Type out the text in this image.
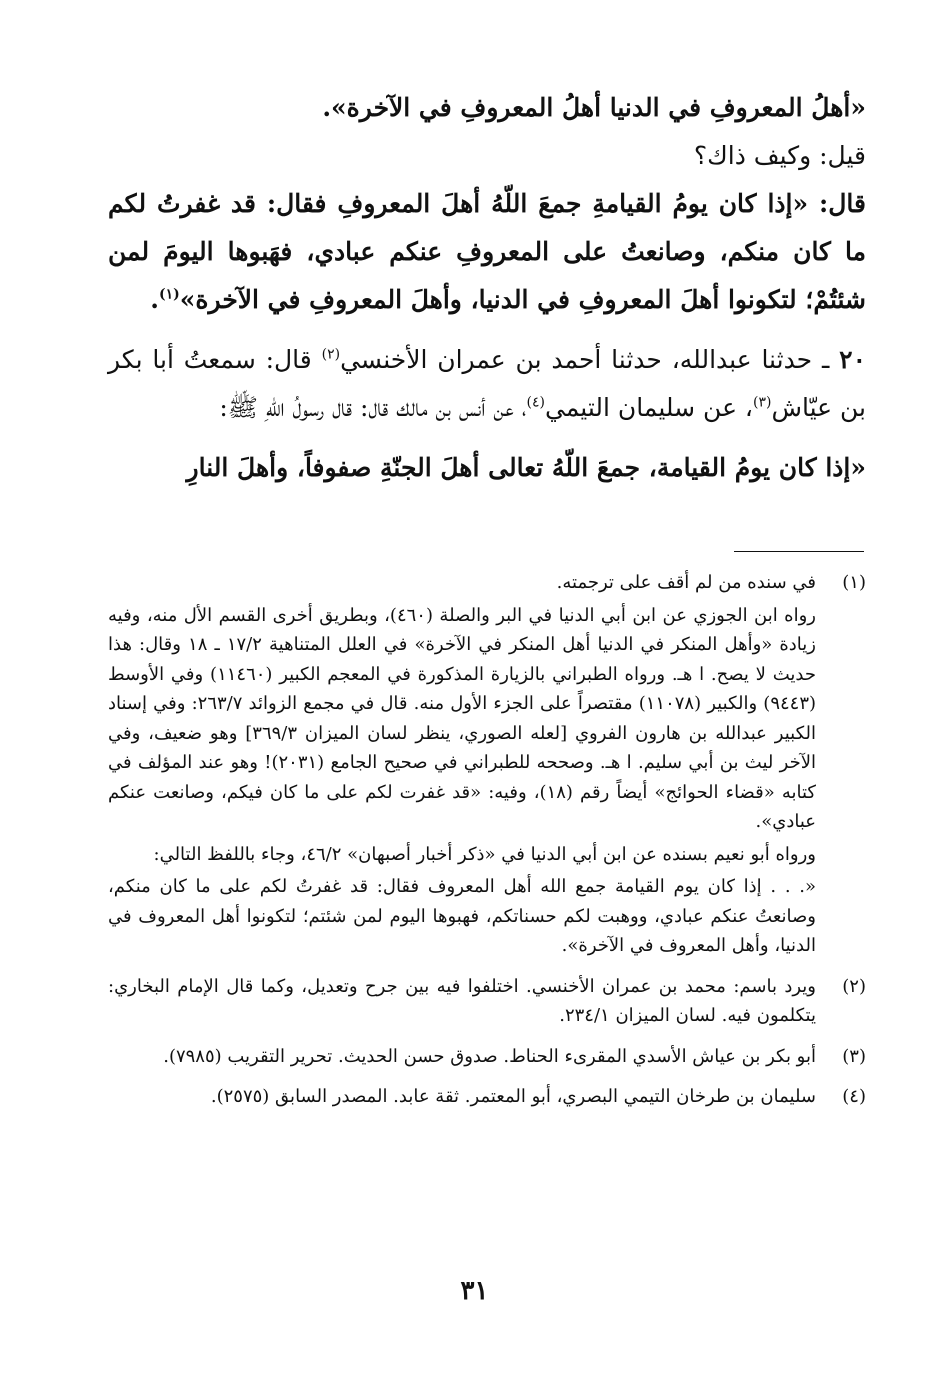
«أهلُ المعروفِ في الدنيا أهلُ المعروفِ في الآخرة».

قيل: وكيف ذاك؟

قال: «إذا كان يومُ القيامةِ جمعَ اللّهُ أهلَ المعروفِ فقال: قد غفرتُ لكم ما كان منكم، وصانعتُ على المعروفِ عنكم عبادي، فهَبوها اليومَ لمن شئتُمْ؛ لتكونوا أهلَ المعروفِ في الدنيا، وأهلَ المعروفِ في الآخرة»$^{(١)}$.

٢٠ ـ حدثنا عبدالله، حدثنا أحمد بن عمران الأخنسي$^{(٢)}$ قال: سمعتُ أبا بكر بن عيّاش$^{(٣)}$، عن سليمان التيمي$^{(٤)}$، عن أنس بن مالك قال: قال رسولُ اللّهِ ﷺ:

«إذا كان يومُ القيامة، جمعَ اللّهُ تعالى أهلَ الجنّةِ صفوفاً، وأهلَ النارِ

(١)

في سنده من لم أقف على ترجمته.

رواه ابن الجوزي عن ابن أبي الدنيا في البر والصلة (٤٦٠)، وبطريق أخرى القسم الأل منه، وفيه زيادة «وأهل المنكر في الدنيا أهل المنكر في الآخرة» في العلل المتناهية ١٧/٢ ـ ١٨ وقال: هذا حديث لا يصح. ا هـ. ورواه الطبراني بالزيارة المذكورة في المعجم الكبير (١١٤٦٠) وفي الأوسط (٩٤٤٣) والكبير (١١٠٧٨) مقتصراً على الجزء الأول منه. قال في مجمع الزوائد ٢٦٣/٧: وفي إسناد الكبير عبدالله بن هارون الفروي [لعله الصوري، ينظر لسان الميزان ٣٦٩/٣] وهو ضعيف، وفي الآخر ليث بن أبي سليم. ا هـ. وصححه للطبراني في صحيح الجامع (٢٠٣١)! وهو عند المؤلف في كتابه «قضاء الحوائج» أيضاً رقم (١٨)، وفيه: «قد غفرت لكم على ما كان فيكم، وصانعت عنكم عبادي».

ورواه أبو نعيم بسنده عن ابن أبي الدنيا في «ذكر أخبار أصبهان» ٤٦/٢، وجاء باللفظ التالي:

«. . . إذا كان يوم القيامة جمع الله أهل المعروف فقال: قد غفرتُ لكم على ما كان منكم، وصانعتُ عنكم عبادي، ووهبت لكم حسناتكم، فهبوها اليوم لمن شئتم؛ لتكونوا أهل المعروف في الدنيا، وأهل المعروف في الآخرة».

(٢)

ويرد باسم: محمد بن عمران الأخنسي. اختلفوا فيه بين جرح وتعديل، وكما قال الإمام البخاري: يتكلمون فيه. لسان الميزان ٢٣٤/١.

(٣)

أبو بكر بن عياش الأسدي المقرىء الحناط. صدوق حسن الحديث. تحرير التقريب (٧٩٨٥).

(٤)

سليمان بن طرخان التيمي البصري، أبو المعتمر. ثقة عابد. المصدر السابق (٢٥٧٥).

٣١
